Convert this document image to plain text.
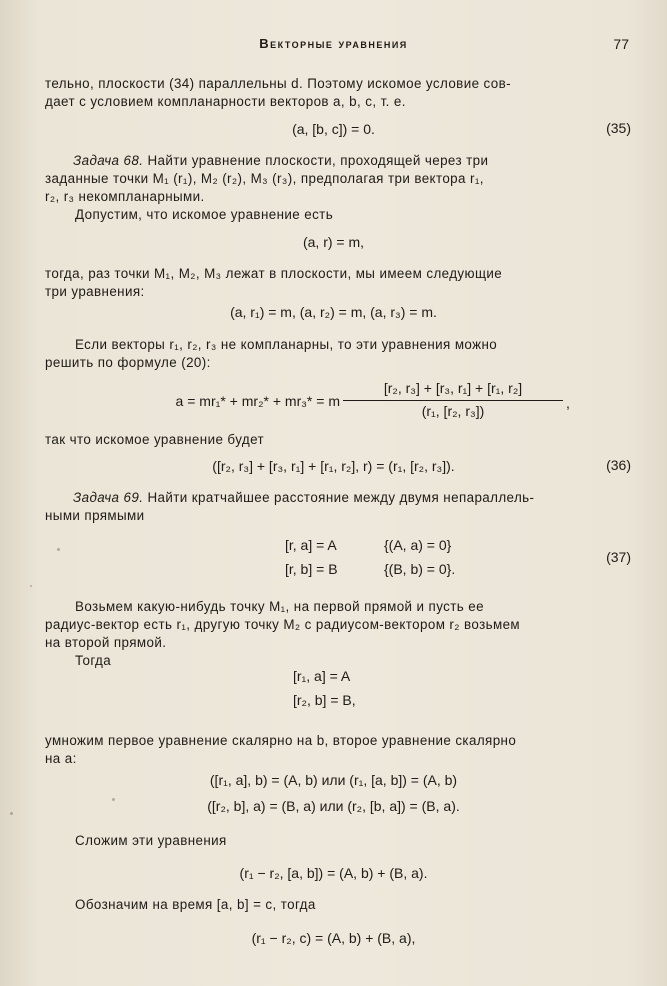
Векторные уравнения	77
тельно, плоскости (34) параллельны d. Поэтому искомое условие сов-
дает с условием компланарности векторов a, b, c, т. е.
(a, [b, c]) = 0.	(35)
Задача 68. Найти уравнение плоскости, проходящей через три
заданные точки M₁ (r₁), M₂ (r₂), M₃ (r₃), предполагая три вектора r₁,
r₂, r₃ некомпланарными.
Допустим, что искомое уравнение есть
(a, r) = m,
тогда, раз точки M₁, M₂, M₃ лежат в плоскости, мы имеем следующие
три уравнения:
(a, r₁) = m, (a, r₂) = m, (a, r₃) = m.
Если векторы r₁, r₂, r₃ не компланарны, то эти уравнения можно
решить по формуле (20):
a = mr₁* + mr₂* + mr₃* = m
[r₂, r₃] + [r₃, r₁] + [r₁, r₂]
(r₁, [r₂, r₃])	,
так что искомое уравнение будет
([r₂, r₃] + [r₃, r₁] + [r₁, r₂], r) = (r₁, [r₂, r₃]).	(36)
Задача 69. Найти кратчайшее расстояние между двумя непараллель-
ными прямыми
[r, a] = A	{(A, a) = 0}
[r, b] = B	{(B, b) = 0}.
(37)
Возьмем какую-нибудь точку M₁, на первой прямой и пусть ее
радиус-вектор есть r₁, другую точку M₂ с радиусом-вектором r₂ возьмем
на второй прямой.
Тогда
[r₁, a] = A
[r₂, b] = B,
умножим первое уравнение скалярно на b, второе уравнение скалярно
на a:
([r₁, a], b) = (A, b) или (r₁, [a, b]) = (A, b)
([r₂, b], a) = (B, a) или (r₂, [b, a]) = (B, a).
Сложим эти уравнения
(r₁ − r₂, [a, b]) = (A, b) + (B, a).
Обозначим на время [a, b] = c, тогда
(r₁ − r₂, c) = (A, b) + (B, a),
